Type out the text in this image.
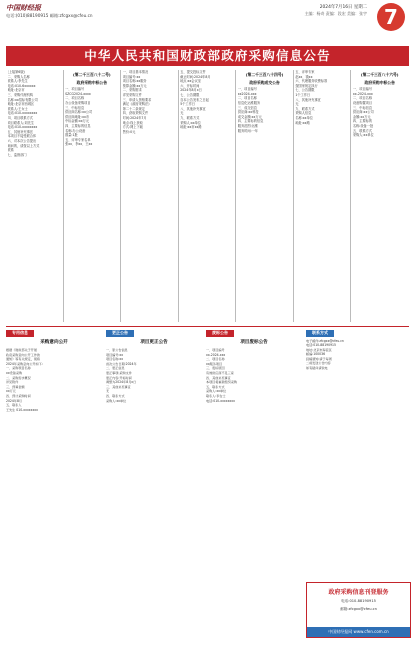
中国财经报
电话:(010)88190915 邮箱:zfcgxx@cfeu.cn
2024年7月16日 星期二
主编：杨奇 责编：段宏 美编：张宇 7
中华人民共和国财政部政府采购信息公告
(上接第6版)
二、采购人名称
联系人:李先生
电话:010-6xxxxxx
地址:北京市
三、采购代理机构
名称:xx招标有限公司
地址:北京市西城区
联系人:王女士
电话:010-xxxxxxxx
四、项目联系方式
项目联系人:刘先生
电话:010-xxxxxxxx
五、其他补充事宜
本项目不接受联合体
六、对本次公告提出
询问的，请按以上方式
联系
七、监督部门
(第二千三百八十二号)
政府采购中标公告
一、项目编号
SZCG2024-xxxx
二、项目名称
办公设备采购项目
三、中标信息
供应商名称:xx公司
供应商地址:xx市
中标金额:xx万元
四、主要标的信息
名称:办公设备
数量:1批
五、评审专家名单
张xx、李xx、王xx
一、项目基本情况
项目编号:xx
项目名称:xx服务
预算金额:xx万元
二、采购需求
详见采购文件
三、申请人资格要求
满足《政府采购法》
第二十二条规定
四、获取采购文件
时间:2024年7月
地点:线上获取
方式:网上下载
售价:0元
五、提交投标文件
截止时间:2024年8月
地点:xx会议室
六、开标时间
2024年8月x日
七、公告期限
自本公告发布之日起
5个工作日
八、其他补充事宜
无
九、联系方式
采购人:xx单位
地址:xx市xx路
(第二千三百八十四号)
政府采购成交公告
一、项目编号
xx2024-xxx
二、项目名称
信息化运维服务
三、成交信息
供应商:xx科技
成交金额:xx万元
四、主要标的信息
服务范围:运维
服务时间:一年
五、评审专家
赵xx、钱xx
六、代理服务收费标准
按国家规定执行
七、公告期限
1个工作日
八、其他补充事宜
无
九、联系方式
采购人信息
名称:xx单位
地址:xx路
(第二千三百八十六号)
政府采购中标公告
一、项目编号
xx-2024-xxx
二、项目名称
设备购置项目
三、中标信息
供应商:xx公司
金额:xx万元
四、主要标的
名称:设备一批
五、联系方式
采购人:xx单位
政府采购信息刊登服务
电话:010-88190915
邮箱:zfcgxx@cfeu.cn
中国财经报网 www.cfen.com.cn
专用信息
采购意向公开
根据《财政部关于开展
政府采购意向公开工作的
通知》等有关规定，现将
2024年采购意向公开如下:
一、采购项目名称
xx设备采购
二、采购需求概况
详见附件
三、预算金额
xx万元
四、预计采购时间
2024年8月
五、联系人
王先生 010-xxxxxxxx
更正公告
项目更正公告
一、原公告信息
项目编号:xx
项目名称:xx
首次公告日期:2024年
二、更正信息
更正事项:采购文件
更正内容:开标时间
调整为2024年8月x日
三、其他补充事宜
无
四、联系方式
采购人:xx单位
废标公告
项目废标公告
一、项目编号
xx-2024-xxx
二、项目名称
xx服务项目
三、废标原因
有效供应商不足三家
四、其他补充事宜
本项目将重新组织采购
五、联系方式
采购人:xx单位
联系人:李女士
电话:010-xxxxxxxx
联系方式
电子邮件:zfcgxx@cfeu.cn
电话:010-88190915
地址:北京市海淀区
邮编:100036
投稿须知:请于每周
二前发送公告内容
如有疑问请致电
